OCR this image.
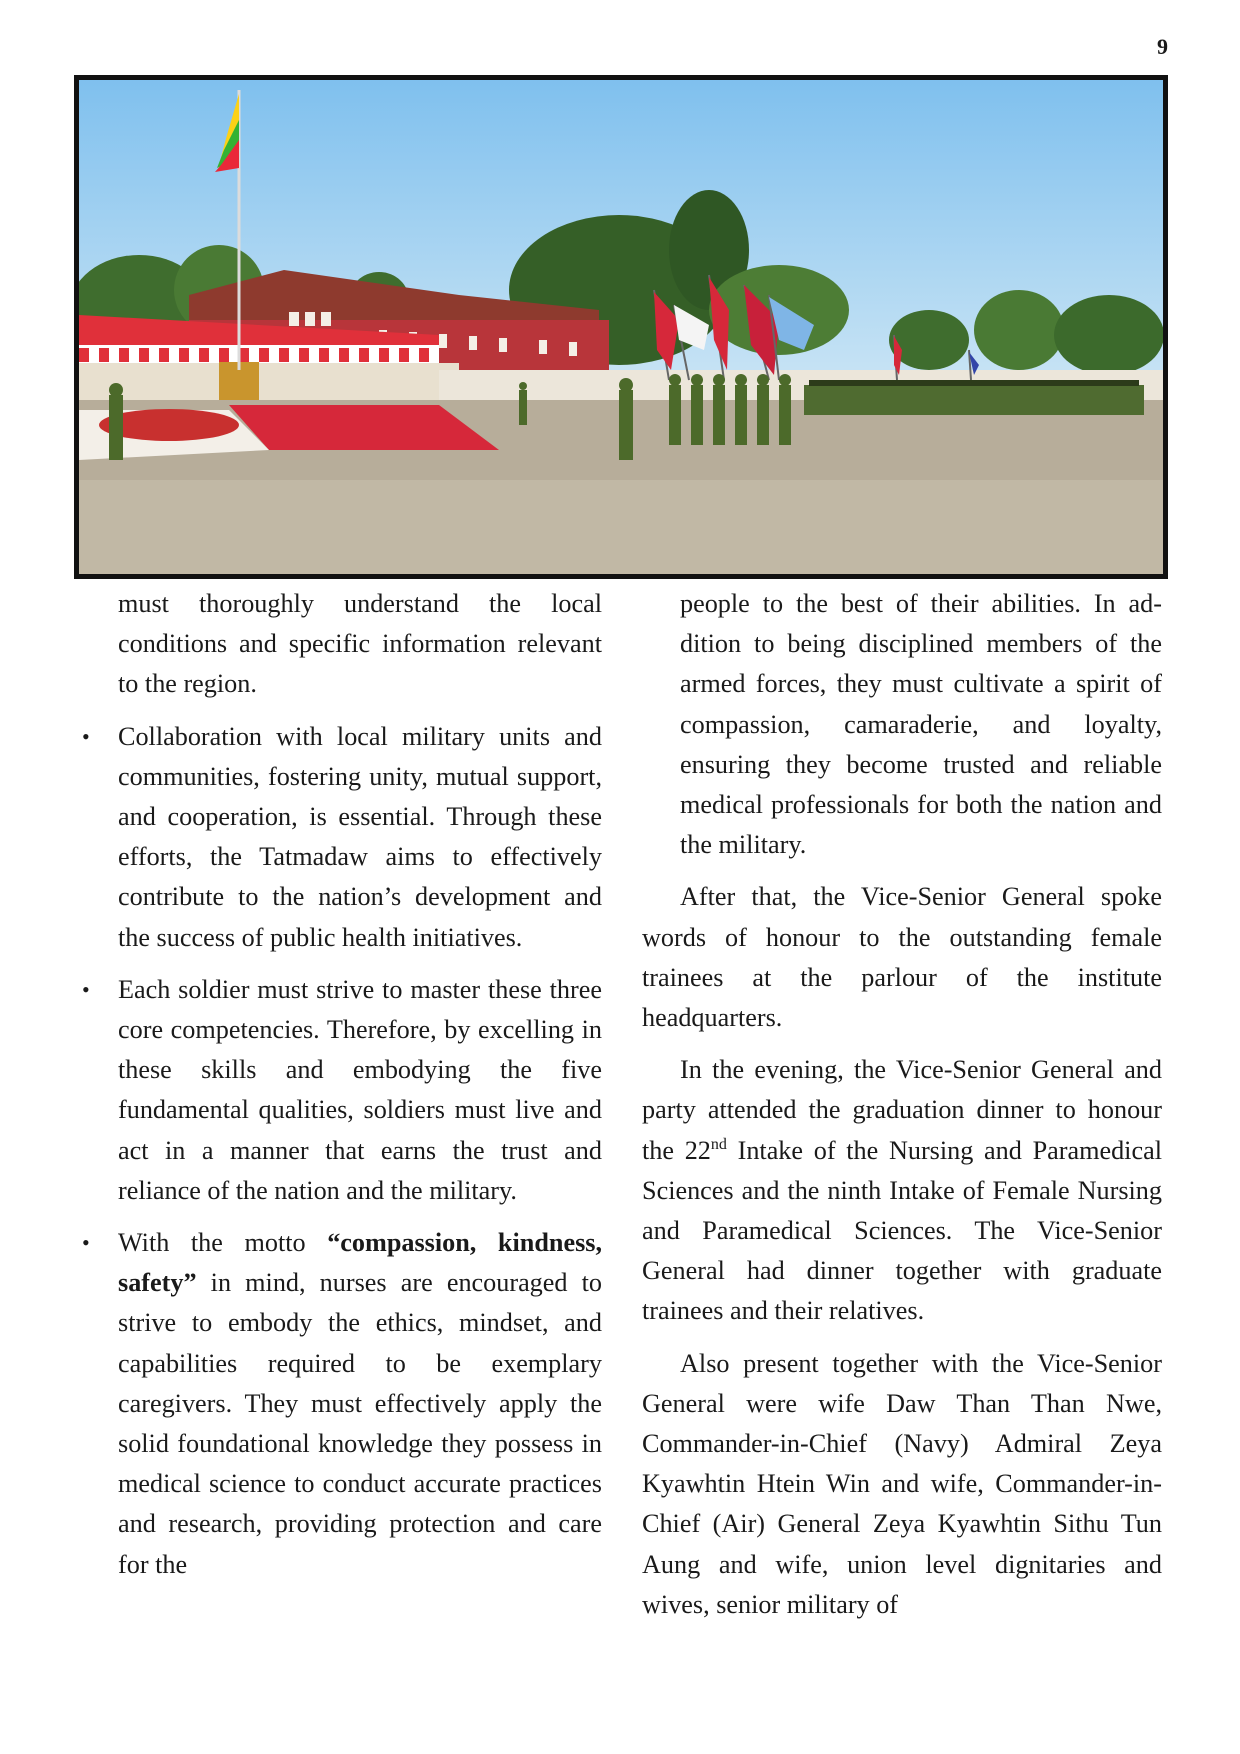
9

must thoroughly understand the local conditions and specific information relevant to the region.

• Collaboration with local military units and communities, fostering unity, mutual support, and cooperation, is essential. Through these efforts, the Tatmadaw aims to effectively contribute to the nation’s development and the success of public health initiatives.

• Each soldier must strive to master these three core competencies. Therefore, by excelling in these skills and embodying the five fundamental qualities, soldiers must live and act in a manner that earns the trust and reliance of the nation and the military.

• With the motto “compassion, kindness, safety” in mind, nurses are encouraged to strive to embody the ethics, mindset, and capabilities required to be exemplary caregivers. They must effectively apply the solid foundational knowledge they possess in medical science to conduct accurate practices and research, providing protection and care for the

people to the best of their abilities. In addition to being disciplined members of the armed forces, they must cultivate a spirit of compassion, camaraderie, and loyalty, ensuring they become trusted and reliable medical professionals for both the nation and the military.

After that, the Vice-Senior General spoke words of honour to the outstanding female trainees at the parlour of the institute headquarters.

In the evening, the Vice-Senior General and party attended the graduation dinner to honour the 22nd Intake of the Nursing and Paramedical Sciences and the ninth Intake of Female Nursing and Paramedical Sciences. The Vice-Senior General had dinner together with graduate trainees and their relatives.

Also present together with the Vice-Senior General were wife Daw Than Than Nwe, Commander-in-Chief (Navy) Admiral Zeya Kyawhtin Htein Win and wife, Commander-in-Chief (Air) General Zeya Kyawhtin Sithu Tun Aung and wife, union level dignitaries and wives, senior military of
